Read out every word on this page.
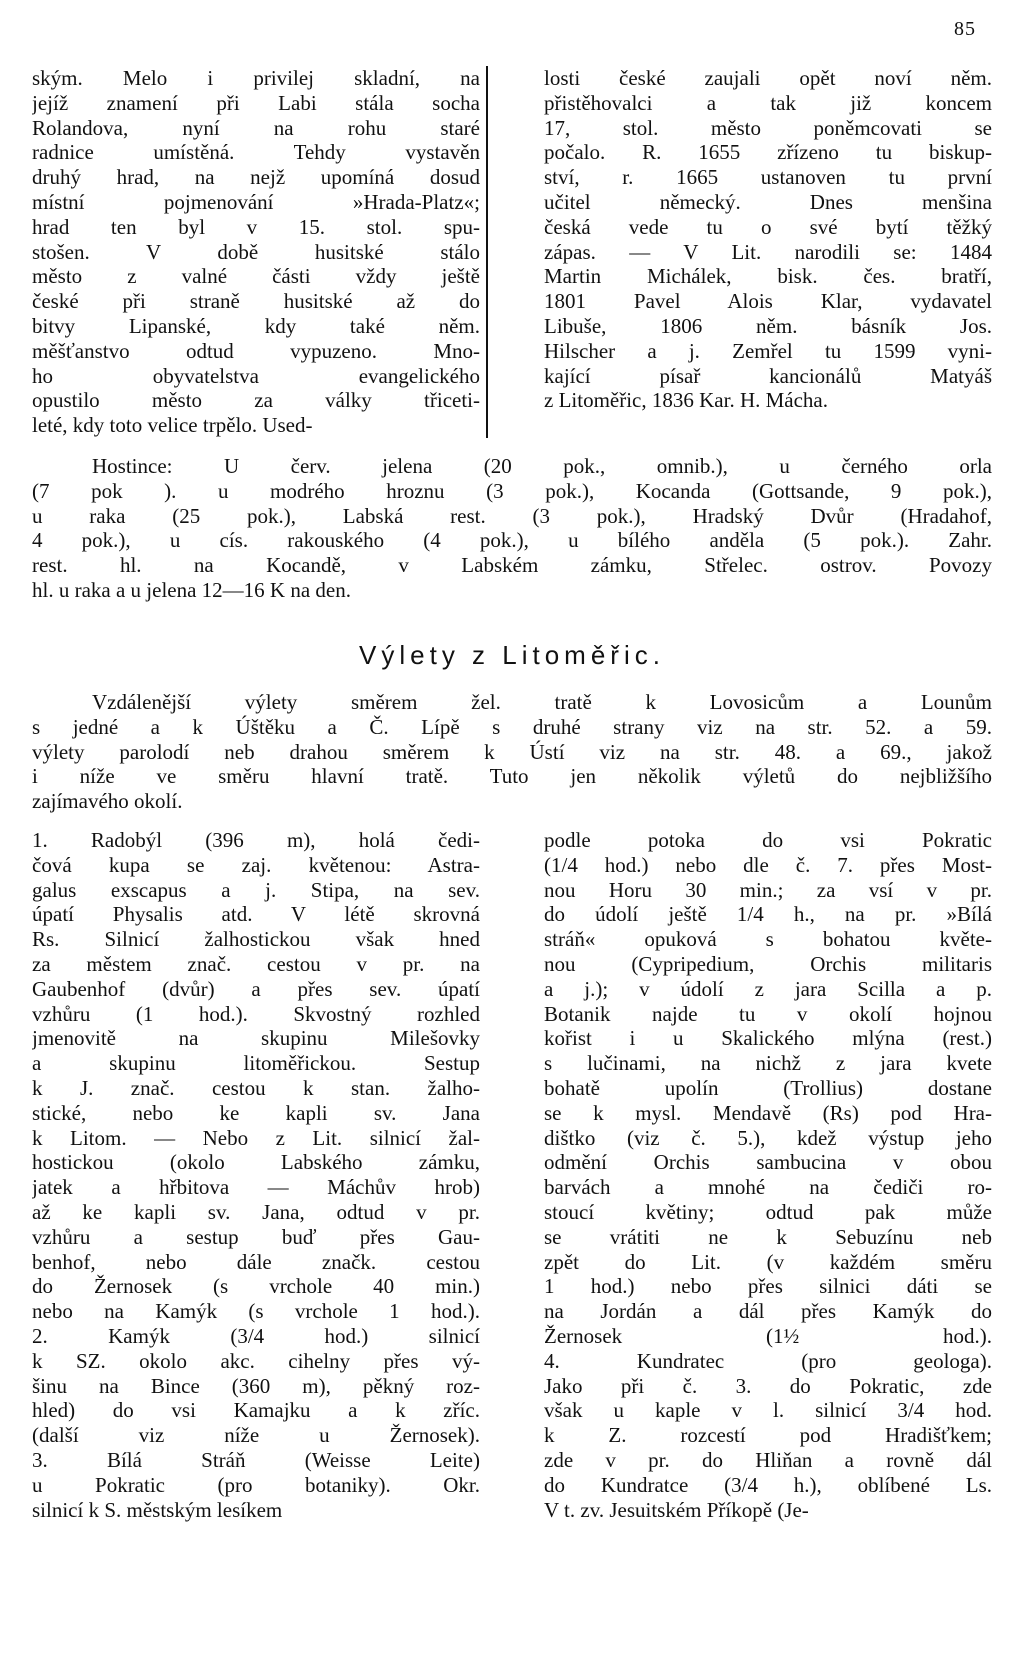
85
ským. Melo i privilej skladní, na
jejíž znamení při Labi stála socha
Rolandova, nyní na rohu staré
radnice umístěná. Tehdy vystavěn
druhý hrad, na nejž upomíná dosud
místní pojmenování »Hrada-Platz«;
hrad ten byl v 15. stol. spu-
stošen. V době husitské stálo
město z valné části vždy ještě
české při straně husitské až do
bitvy Lipanské, kdy také něm.
měšťanstvo odtud vypuzeno. Mno-
ho obyvatelstva evangelického
opustilo město za války třiceti-
leté, kdy toto velice trpělo. Used-
losti české zaujali opět noví něm.
přistěhovalci a tak již koncem
17, stol. město poněmcovati se
počalo. R. 1655 zřízeno tu biskup-
ství, r. 1665 ustanoven tu první
učitel německý. Dnes menšina
česká vede tu o své bytí těžký
zápas. — V Lit. narodili se: 1484
Martin Michálek, bisk. čes. bratří,
1801 Pavel Alois Klar, vydavatel
Libuše, 1806 něm. básník Jos.
Hilscher a j. Zemřel tu 1599 vyni-
kající písař kancionálů Matyáš
z Litoměřic, 1836 Kar. H. Mácha.
Hostince: U červ. jelena (20 pok., omnib.), u černého orla
(7 pok ). u modrého hroznu (3 pok.), Kocanda (Gottsande, 9 pok.),
u raka (25 pok.), Labská rest. (3 pok.), Hradský Dvůr (Hradahof,
4 pok.), u cís. rakouského (4 pok.), u bílého anděla (5 pok.). Zahr.
rest. hl. na Kocandě, v Labském zámku, Střelec. ostrov. Povozy
hl. u raka a u jelena 12—16 K na den.
Výlety z Litoměřic.
Vzdálenější výlety směrem žel. tratě k Lovosicům a Lounům
s jedné a k Úštěku a Č. Lípě s druhé strany viz na str. 52. a 59.
výlety parolodí neb drahou směrem k Ústí viz na str. 48. a 69., jakož
i níže ve směru hlavní tratě. Tuto jen několik výletů do nejbližšího
zajímavého okolí.
1. Radobýl (396 m), holá čedi-
čová kupa se zaj. květenou: Astra-
galus exscapus a j. Stipa, na sev.
úpatí Physalis atd. V létě skrovná
Rs. Silnicí žalhostickou však hned
za městem znač. cestou v pr. na
Gaubenhof (dvůr) a přes sev. úpatí
vzhůru (1 hod.). Skvostný rozhled
jmenovitě na skupinu Milešovky
a skupinu litoměřickou. Sestup
k J. znač. cestou k stan. žalho-
stické, nebo ke kapli sv. Jana
k Litom. — Nebo z Lit. silnicí žal-
hostickou (okolo Labského zámku,
jatek a hřbitova — Máchův hrob)
až ke kapli sv. Jana, odtud v pr.
vzhůru a sestup buď přes Gau-
benhof, nebo dále značk. cestou
do Žernosek (s vrchole 40 min.)
nebo na Kamýk (s vrchole 1 hod.).
2. Kamýk (3/4 hod.) silnicí
k SZ. okolo akc. cihelny přes vý-
šinu na Bince (360 m), pěkný roz-
hled) do vsi Kamajku a k zříc.
(další viz níže u Žernosek).
3. Bílá Stráň (Weisse Leite)
u Pokratic (pro botaniky). Okr.
silnicí k S. městským lesíkem
podle potoka do vsi Pokratic
(1/4 hod.) nebo dle č. 7. přes Most-
nou Horu 30 min.; za vsí v pr.
do údolí ještě 1/4 h., na pr. »Bílá
stráň« opuková s bohatou květe-
nou (Cypripedium, Orchis militaris
a j.); v údolí z jara Scilla a p.
Botanik najde tu v okolí hojnou
kořist i u Skalického mlýna (rest.)
s lučinami, na nichž z jara kvete
bohatě upolín (Trollius) dostane
se k mysl. Mendavě (Rs) pod Hra-
dištko (viz č. 5.), kdež výstup jeho
odmění Orchis sambucina v obou
barvách a mnohé na čediči ro-
stoucí květiny; odtud pak může
se vrátiti ne k Sebuzínu neb
zpět do Lit. (v každém směru
1 hod.) nebo přes silnici dáti se
na Jordán a dál přes Kamýk do
Žernosek (1½ hod.).
4. Kundratec (pro geologa).
Jako při č. 3. do Pokratic, zde
však u kaple v l. silnicí 3/4 hod.
k Z. rozcestí pod Hradišťkem;
zde v pr. do Hliňan a rovně dál
do Kundratce (3/4 h.), oblíbené Ls.
V t. zv. Jesuitském Příkopě (Je-
